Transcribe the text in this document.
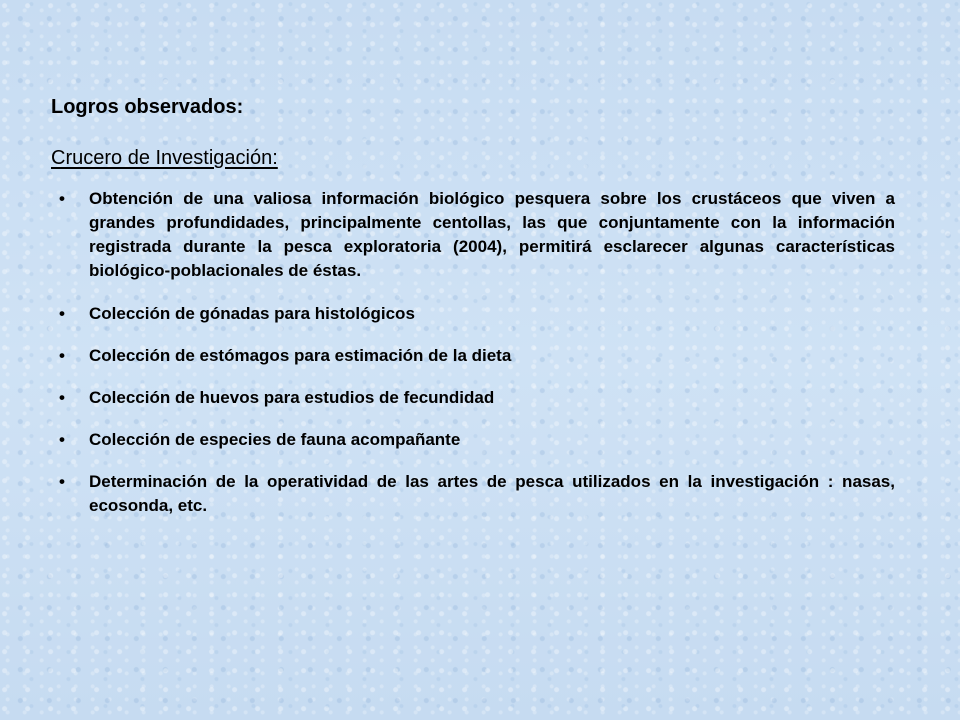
Logros observados:
Crucero de Investigación:
• Obtención de una valiosa información biológico pesquera sobre los crustáceos que viven a grandes profundidades, principalmente centollas, las que conjuntamente con la información registrada durante la pesca exploratoria (2004), permitirá esclarecer algunas características biológico-poblacionales de éstas.
• Colección de gónadas para histológicos
• Colección de estómagos para estimación de la dieta
• Colección de huevos para estudios de fecundidad
• Colección de especies de fauna acompañante
• Determinación de la operatividad de las artes de pesca utilizados en la investigación : nasas, ecosonda, etc.
